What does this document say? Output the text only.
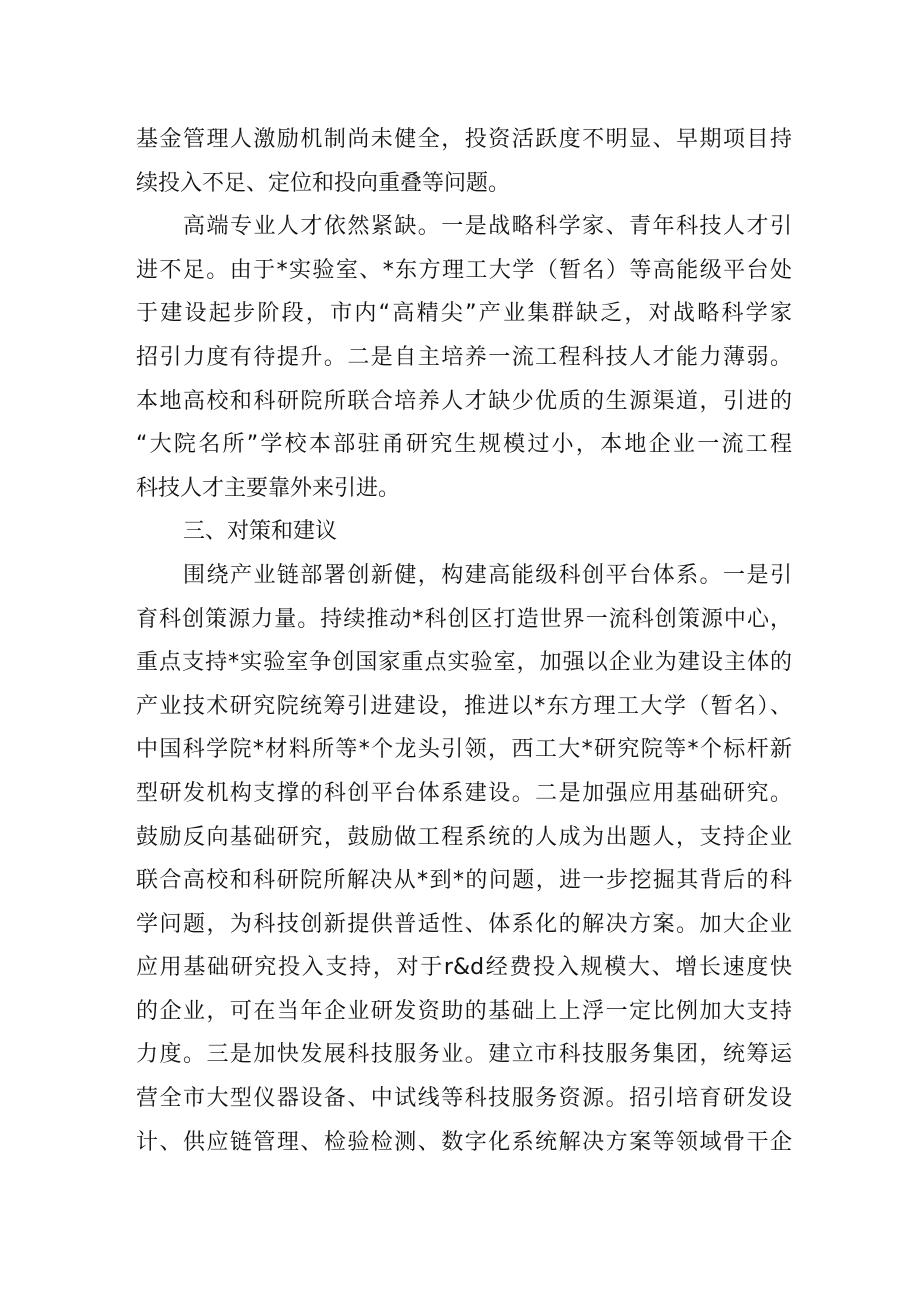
基金管理人激励机制尚未健全，投资活跃度不明显、早期项目持
续投入不足、定位和投向重叠等问题。
高端专业人才依然紧缺。一是战略科学家、青年科技人才引
进不足。由于*实验室、*东方理工大学（暂名）等高能级平台处
于建设起步阶段，市内“高精尖”产业集群缺乏，对战略科学家
招引力度有待提升。二是自主培养一流工程科技人才能力薄弱。
本地高校和科研院所联合培养人才缺少优质的生源渠道，引进的
“大院名所”学校本部驻甬研究生规模过小，本地企业一流工程
科技人才主要靠外来引进。
三、对策和建议
围绕产业链部署创新健，构建高能级科创平台体系。一是引
育科创策源力量。持续推动*科创区打造世界一流科创策源中心，
重点支持*实验室争创国家重点实验室，加强以企业为建设主体的
产业技术研究院统筹引进建设，推进以*东方理工大学（暂名）、
中国科学院*材料所等*个龙头引领，西工大*研究院等*个标杆新
型研发机构支撑的科创平台体系建设。二是加强应用基础研究。
鼓励反向基础研究，鼓励做工程系统的人成为出题人，支持企业
联合高校和科研院所解决从*到*的问题，进一步挖掘其背后的科
学问题，为科技创新提供普适性、体系化的解决方案。加大企业
应用基础研究投入支持，对于r&d经费投入规模大、增长速度快
的企业，可在当年企业研发资助的基础上上浮一定比例加大支持
力度。三是加快发展科技服务业。建立市科技服务集团，统筹运
营全市大型仪器设备、中试线等科技服务资源。招引培育研发设
计、供应链管理、检验检测、数字化系统解决方案等领域骨干企
